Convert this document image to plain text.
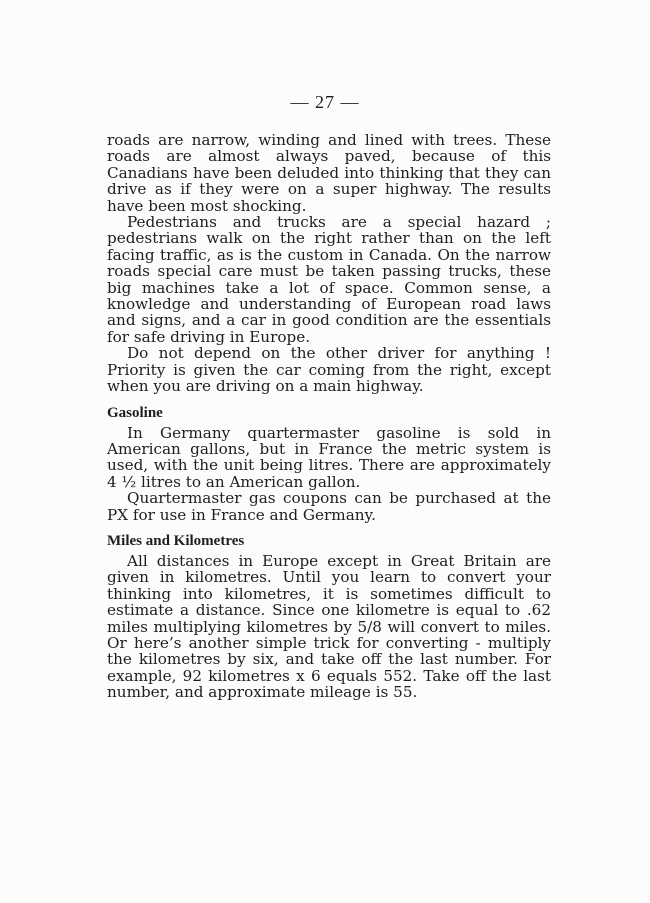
— 27 —

roads are narrow, winding and lined with trees. These roads are almost always paved, because of this Canadians have been deluded into thinking that they can drive as if they were on a super highway. The results have been most shocking.

Pedestrians and trucks are a special hazard ; pedestrians walk on the right rather than on the left facing traffic, as is the custom in Canada. On the narrow roads special care must be taken passing trucks, these big machines take a lot of space. Common sense, a knowledge and understanding of European road laws and signs, and a car in good condition are the essentials for safe driving in Europe.

Do not depend on the other driver for anything ! Priority is given the car coming from the right, except when you are driving on a main highway.

Gasoline

In Germany quartermaster gasoline is sold in American gallons, but in France the metric system is used, with the unit being litres. There are approximately 4 ½ litres to an American gallon.

Quartermaster gas coupons can be purchased at the PX for use in France and Germany.

Miles and Kilometres

All distances in Europe except in Great Britain are given in kilometres. Until you learn to convert your thinking into kilometres, it is sometimes difficult to estimate a distance. Since one kilometre is equal to .62 miles multiplying kilometres by 5/8 will convert to miles. Or here’s another simple trick for converting - multiply the kilometres by six, and take off the last number. For example, 92 kilometres x 6 equals 552. Take off the last number, and approximate mileage is 55.
